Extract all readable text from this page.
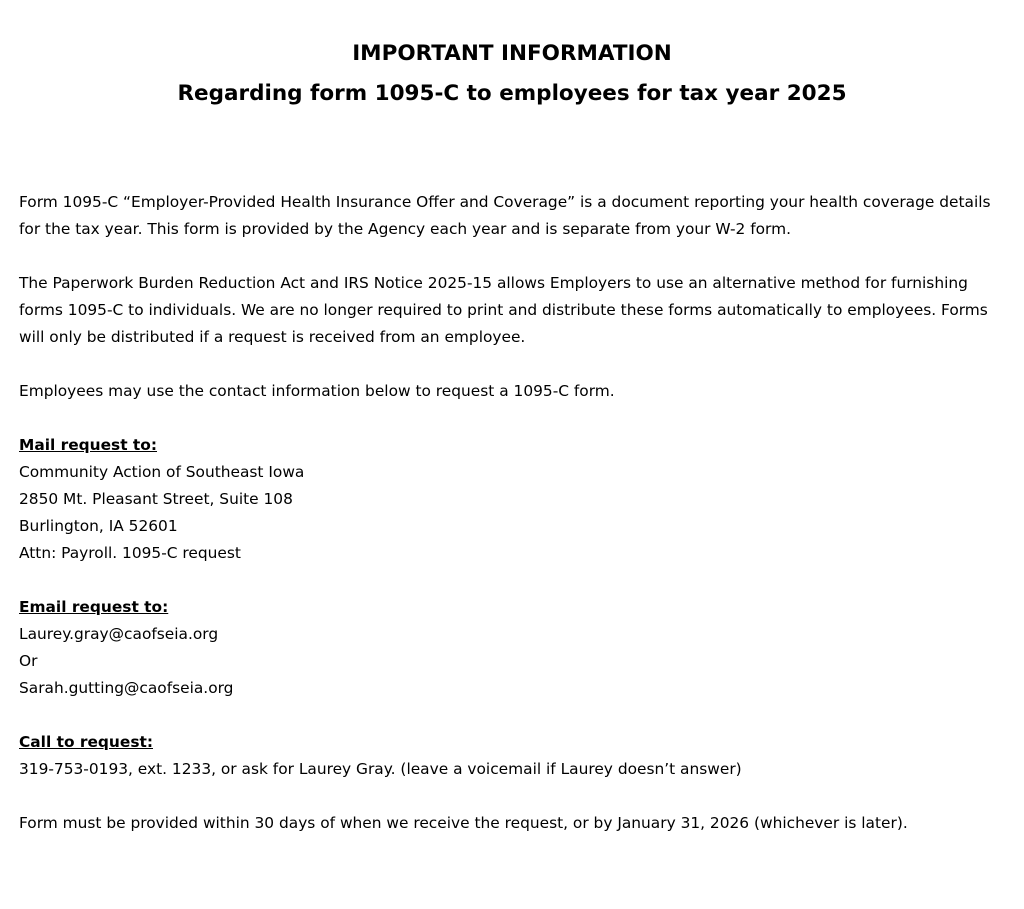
IMPORTANT INFORMATION
Regarding form 1095-C to employees for tax year 2025

Form 1095-C “Employer-Provided Health Insurance Offer and Coverage” is a document reporting your health coverage details for the tax year. This form is provided by the Agency each year and is separate from your W-2 form.

The Paperwork Burden Reduction Act and IRS Notice 2025-15 allows Employers to use an alternative method for furnishing forms 1095-C to individuals. We are no longer required to print and distribute these forms automatically to employees. Forms will only be distributed if a request is received from an employee.

Employees may use the contact information below to request a 1095-C form.

Mail request to:
Community Action of Southeast Iowa
2850 Mt. Pleasant Street, Suite 108
Burlington, IA 52601
Attn: Payroll. 1095-C request
Email request to:
Laurey.gray@caofseia.org
Or
Sarah.gutting@caofseia.org
Call to request:
319-753-0193, ext. 1233, or ask for Laurey Gray. (leave a voicemail if Laurey doesn’t answer)

Form must be provided within 30 days of when we receive the request, or by January 31, 2026 (whichever is later).
